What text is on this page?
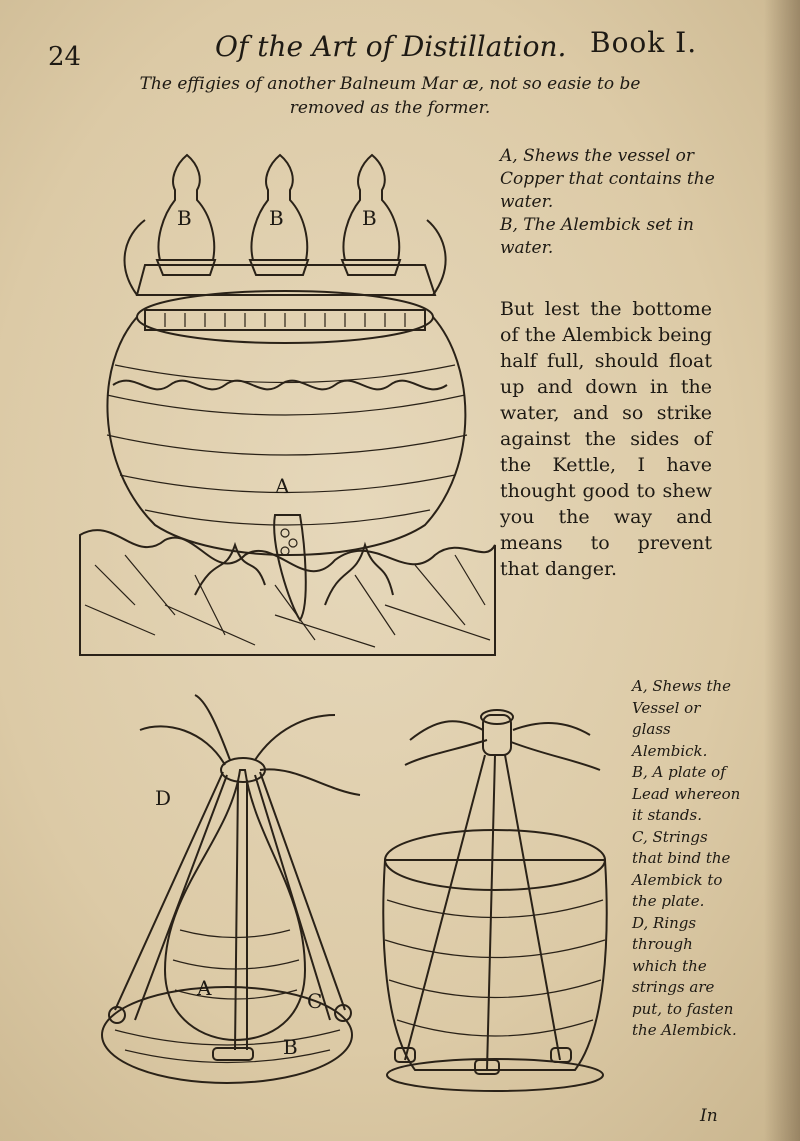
24	Of the Art of Distillation. Book I.
The effigies of another Balneum Mar æ, not so easie to be removed as the former.
B	B	B
A

A, Shews the vessel or Copper that contains the water.

B, The Alembick set in water.

But lest the bottome of the Alembick being half full, should float up and down in the water, and so strike against the sides of the Kettle, I have thought good to shew you the way and means to prevent that danger.
D
A
C
B

A, Shews the Vessel or glass Alembick.

B, A plate of Lead whereon it stands.

C, Strings that bind the Alembick to the plate.

D, Rings through which the strings are put, to fasten the Alembick.

In
